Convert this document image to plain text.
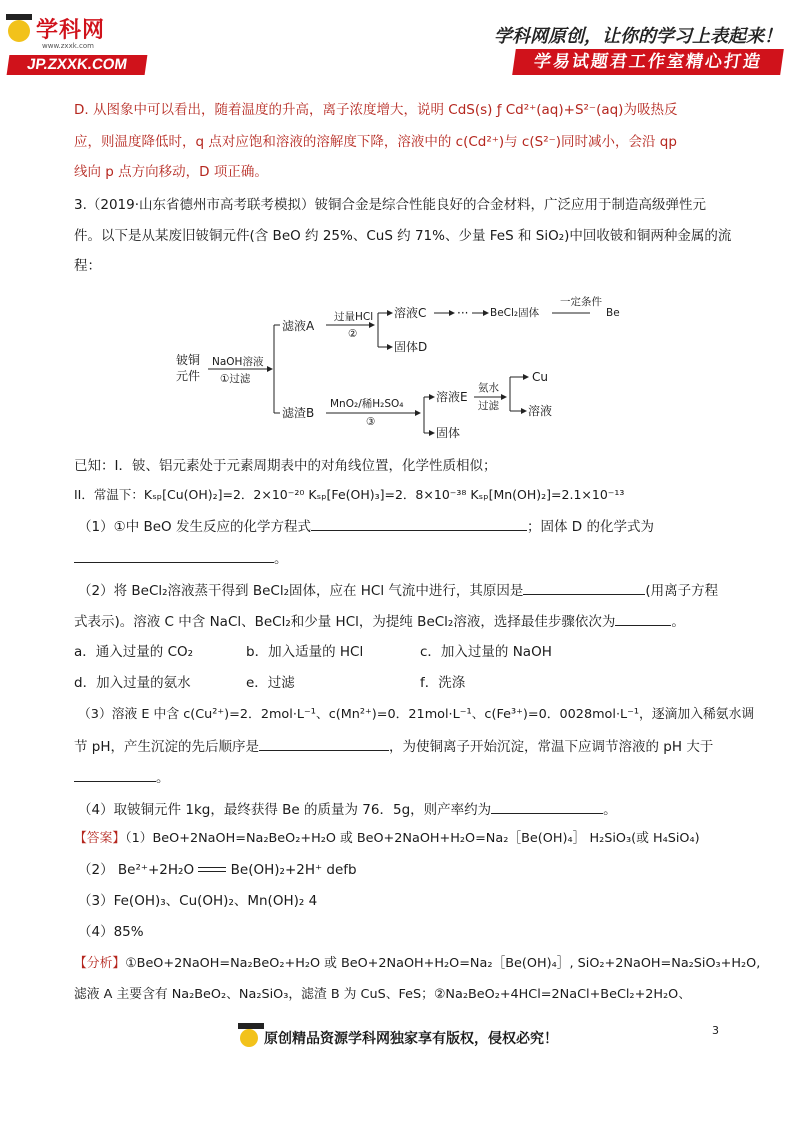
学科网
www.zxxk.com
JP.ZXXK.COM
学科网原创，让你的学习上表起来！
学易试题君工作室精心打造
D. 从图象中可以看出，随着温度的升高，离子浓度增大，说明 CdS(s) ƒ Cd²⁺(aq)+S²⁻(aq)为吸热反
应，则温度降低时，q 点对应饱和溶液的溶解度下降，溶液中的 c(Cd²⁺)与 c(S²⁻)同时减小，会沿 qp
线向 p 点方向移动，D 项正确。
3.（2019·山东省德州市高考联考模拟）铍铜合金是综合性能良好的合金材料，广泛应用于制造高级弹性元
件。以下是从某废旧铍铜元件(含 BeO 约 25%、CuS 约 71%、少量 FeS 和 SiO₂)中回收铍和铜两种金属的流
程：
铍铜
元件
NaOH溶液
①过滤
滤液A
过量HCl
②
溶液C	··· BeCl₂固体
一定条件
Be
固体D
滤渣B
MnO₂/稀H₂SO₄
③
溶液E
氨水
过滤
Cu
溶液
固体
已知：I．铍、铝元素处于元素周期表中的对角线位置，化学性质相似；
II．常温下：Kₛₚ[Cu(OH)₂]=2．2×10⁻²⁰ Kₛₚ[Fe(OH)₃]=2．8×10⁻³⁸ Kₛₚ[Mn(OH)₂]=2.1×10⁻¹³
（1）①中 BeO 发生反应的化学方程式	；固体 D 的化学式为
。
（2）将 BeCl₂溶液蒸干得到 BeCl₂固体，应在 HCl 气流中进行，其原因是	(用离子方程
式表示)。溶液 C 中含 NaCl、BeCl₂和少量 HCl，为提纯 BeCl₂溶液，选择最佳步骤依次为	。
a．通入过量的 CO₂	b．加入适量的 HCl	c．加入过量的 NaOH
d．加入过量的氨水	e．过滤	f．洗涤
（3）溶液 E 中含 c(Cu²⁺)=2．2mol·L⁻¹、c(Mn²⁺)=0．21mol·L⁻¹、c(Fe³⁺)=0．0028mol·L⁻¹，逐滴加入稀氨水调
节 pH，产生沉淀的先后顺序是	，为使铜离子开始沉淀，常温下应调节溶液的 pH 大于
。
（4）取铍铜元件 1kg，最终获得 Be 的质量为 76．5g，则产率约为	。
【答案】（1）BeO+2NaOH=Na₂BeO₂+H₂O 或 BeO+2NaOH+H₂O=Na₂［Be(OH)₄］ H₂SiO₃(或 H₄SiO₄)
（2） Be²⁺+2H₂O	Be(OH)₂+2H⁺ defb
（3）Fe(OH)₃、Cu(OH)₂、Mn(OH)₂ 4
（4）85%
【分析】①BeO+2NaOH=Na₂BeO₂+H₂O 或 BeO+2NaOH+H₂O=Na₂［Be(OH)₄］, SiO₂+2NaOH=Na₂SiO₃+H₂O,
滤液 A 主要含有 Na₂BeO₂、Na₂SiO₃，滤渣 B 为 CuS、FeS；②Na₂BeO₂+4HCl=2NaCl+BeCl₂+2H₂O、
原创精品资源学科网独家享有版权，侵权必究！
3
